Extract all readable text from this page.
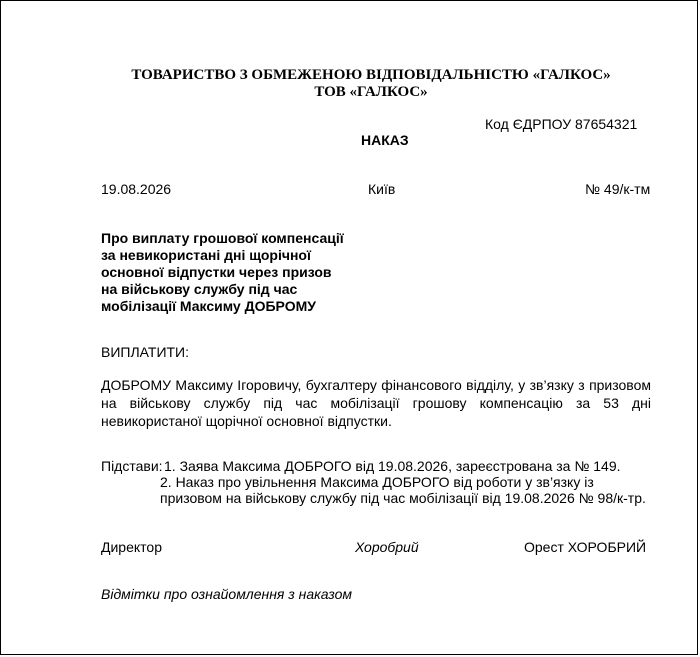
ТОВАРИСТВО З ОБМЕЖЕНОЮ ВІДПОВІДАЛЬНІСТЮ «ГАЛКОС»
ТОВ «ГАЛКОС»
Код ЄДРПОУ 87654321
НАКАЗ
19.08.2026	Київ	№ 49/к-тм
Про виплату грошової компенсації за невикористані дні щорічної основної відпустки через призов на військову службу під час мобілізації Максиму ДОБРОМУ
ВИПЛАТИТИ:
ДОБРОМУ Максиму Ігоровичу, бухгалтеру фінансового відділу, у зв’язку з призовом на військову службу під час мобілізації грошову компенсацію за 53 дні невикористаної щорічної основної відпустки.
Підстави: 1. Заява Максима ДОБРОГО від 19.08.2026, зареєстрована за № 149.
2. Наказ про увільнення Максима ДОБРОГО від роботи у зв’язку із
призовом на військову службу під час мобілізації від 19.08.2026 № 98/к-тр.
Директор	Хоробрий	Орест ХОРОБРИЙ
Відмітки про ознайомлення з наказом
